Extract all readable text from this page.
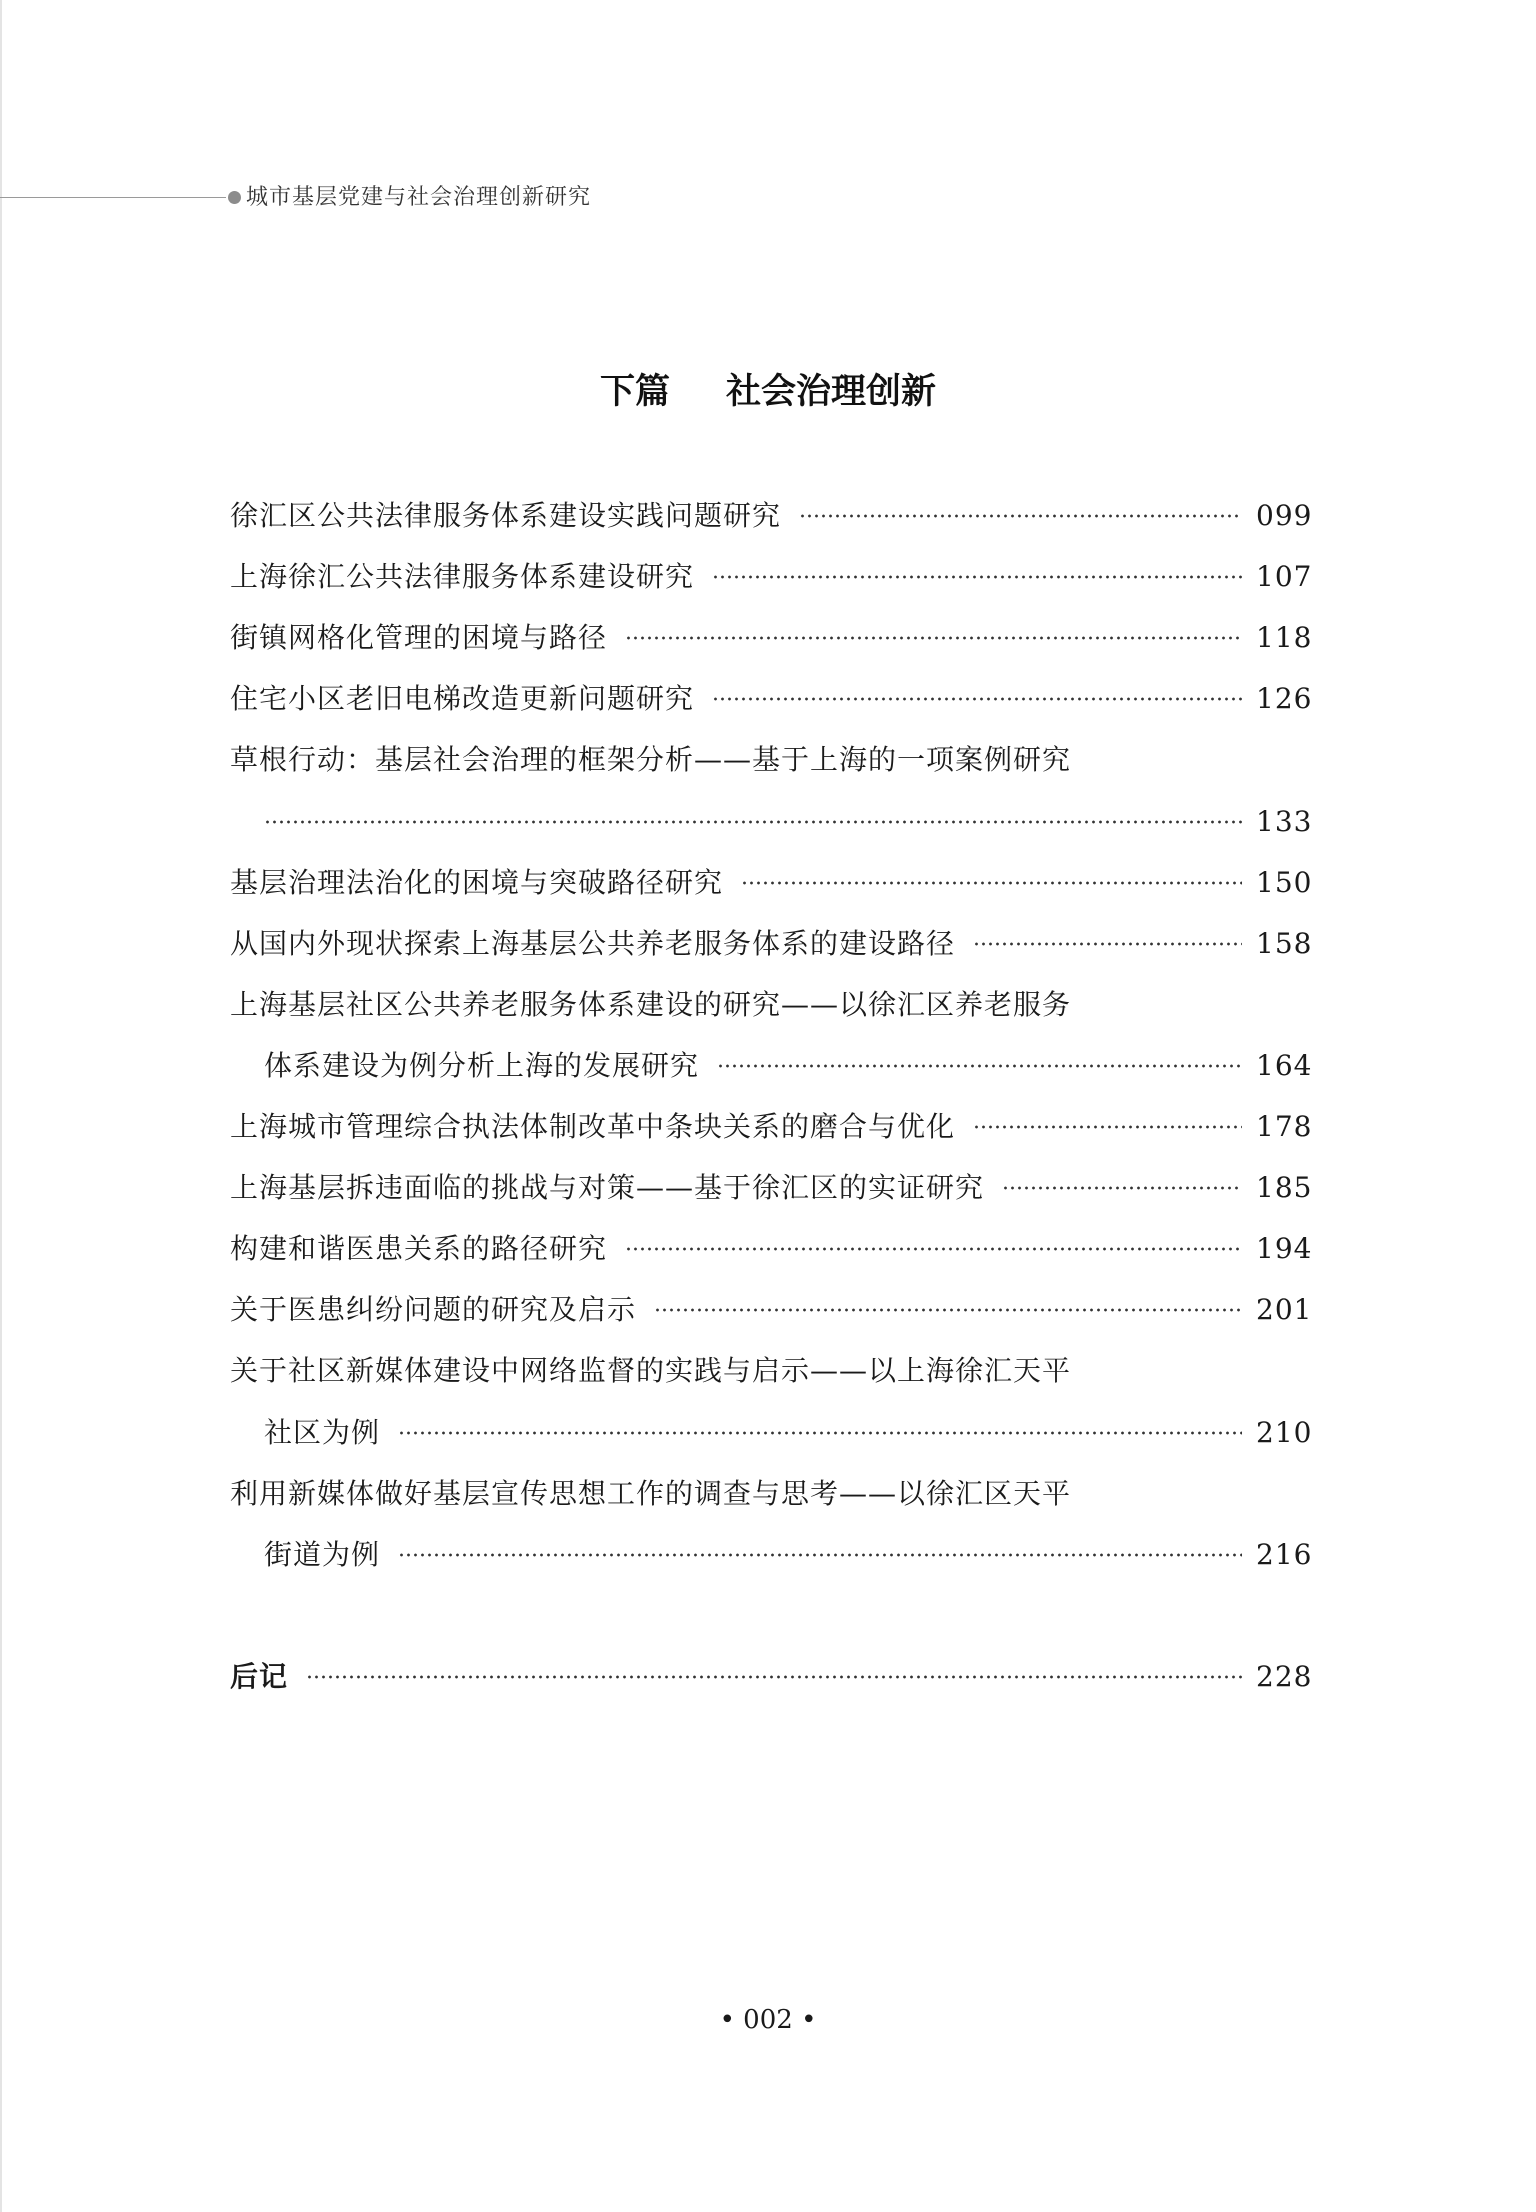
城市基层党建与社会治理创新研究
下篇 社会治理创新
徐汇区公共法律服务体系建设实践问题研究	099
上海徐汇公共法律服务体系建设研究	107
街镇网格化管理的困境与路径	118
住宅小区老旧电梯改造更新问题研究	126
草根行动：基层社会治理的框架分析——基于上海的一项案例研究
133
基层治理法治化的困境与突破路径研究	150
从国内外现状探索上海基层公共养老服务体系的建设路径	158
上海基层社区公共养老服务体系建设的研究——以徐汇区养老服务
体系建设为例分析上海的发展研究	164
上海城市管理综合执法体制改革中条块关系的磨合与优化	178
上海基层拆违面临的挑战与对策——基于徐汇区的实证研究	185
构建和谐医患关系的路径研究	194
关于医患纠纷问题的研究及启示	201
关于社区新媒体建设中网络监督的实践与启示——以上海徐汇天平
社区为例	210
利用新媒体做好基层宣传思想工作的调查与思考——以徐汇区天平
街道为例	216
后记	228
• 002 •
